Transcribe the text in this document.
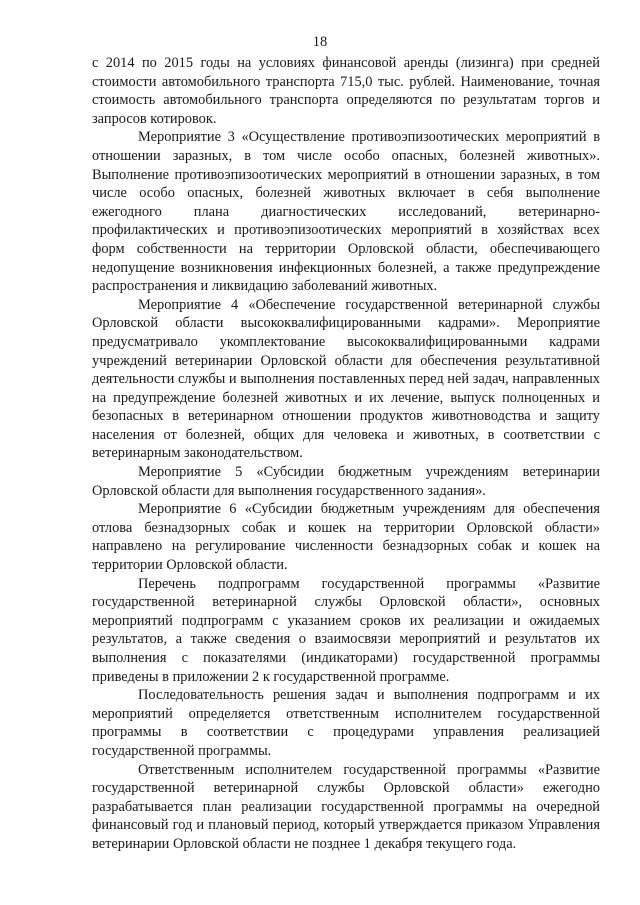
18

с 2014 по 2015 годы на условиях финансовой аренды (лизинга) при средней стоимости автомобильного транспорта 715,0 тыс. рублей. Наименование, точная стоимость автомобильного транспорта определяются по результатам торгов и запросов котировок.

Мероприятие 3 «Осуществление противоэпизоотических мероприятий в отношении заразных, в том числе особо опасных, болезней животных». Выполнение противоэпизоотических мероприятий в отношении заразных, в том числе особо опасных, болезней животных включает в себя выполнение ежегодного плана диагностических исследований, ветеринарно-профилактических и противоэпизоотических мероприятий в хозяйствах всех форм собственности на территории Орловской области, обеспечивающего недопущение возникновения инфекционных болезней, а также предупреждение распространения и ликвидацию заболеваний животных.

Мероприятие 4 «Обеспечение государственной ветеринарной службы Орловской области высококвалифицированными кадрами». Мероприятие предусматривало укомплектование высококвалифицированными кадрами учреждений ветеринарии Орловской области для обеспечения результативной деятельности службы и выполнения поставленных перед ней задач, направленных на предупреждение болезней животных и их лечение, выпуск полноценных и безопасных в ветеринарном отношении продуктов животноводства и защиту населения от болезней, общих для человека и животных, в соответствии с ветеринарным законодательством.

Мероприятие 5 «Субсидии бюджетным учреждениям ветеринарии Орловской области для выполнения государственного задания».

Мероприятие 6 «Субсидии бюджетным учреждениям для обеспечения отлова безнадзорных собак и кошек на территории Орловской области» направлено на регулирование численности безнадзорных собак и кошек на территории Орловской области.

Перечень подпрограмм государственной программы «Развитие государственной ветеринарной службы Орловской области», основных мероприятий подпрограмм с указанием сроков их реализации и ожидаемых результатов, а также сведения о взаимосвязи мероприятий и результатов их выполнения с показателями (индикаторами) государственной программы приведены в приложении 2 к государственной программе.

Последовательность решения задач и выполнения подпрограмм и их мероприятий определяется ответственным исполнителем государственной программы в соответствии с процедурами управления реализацией государственной программы.

Ответственным исполнителем государственной программы «Развитие государственной ветеринарной службы Орловской области» ежегодно разрабатывается план реализации государственной программы на очередной финансовый год и плановый период, который утверждается приказом Управления ветеринарии Орловской области не позднее 1 декабря текущего года.
